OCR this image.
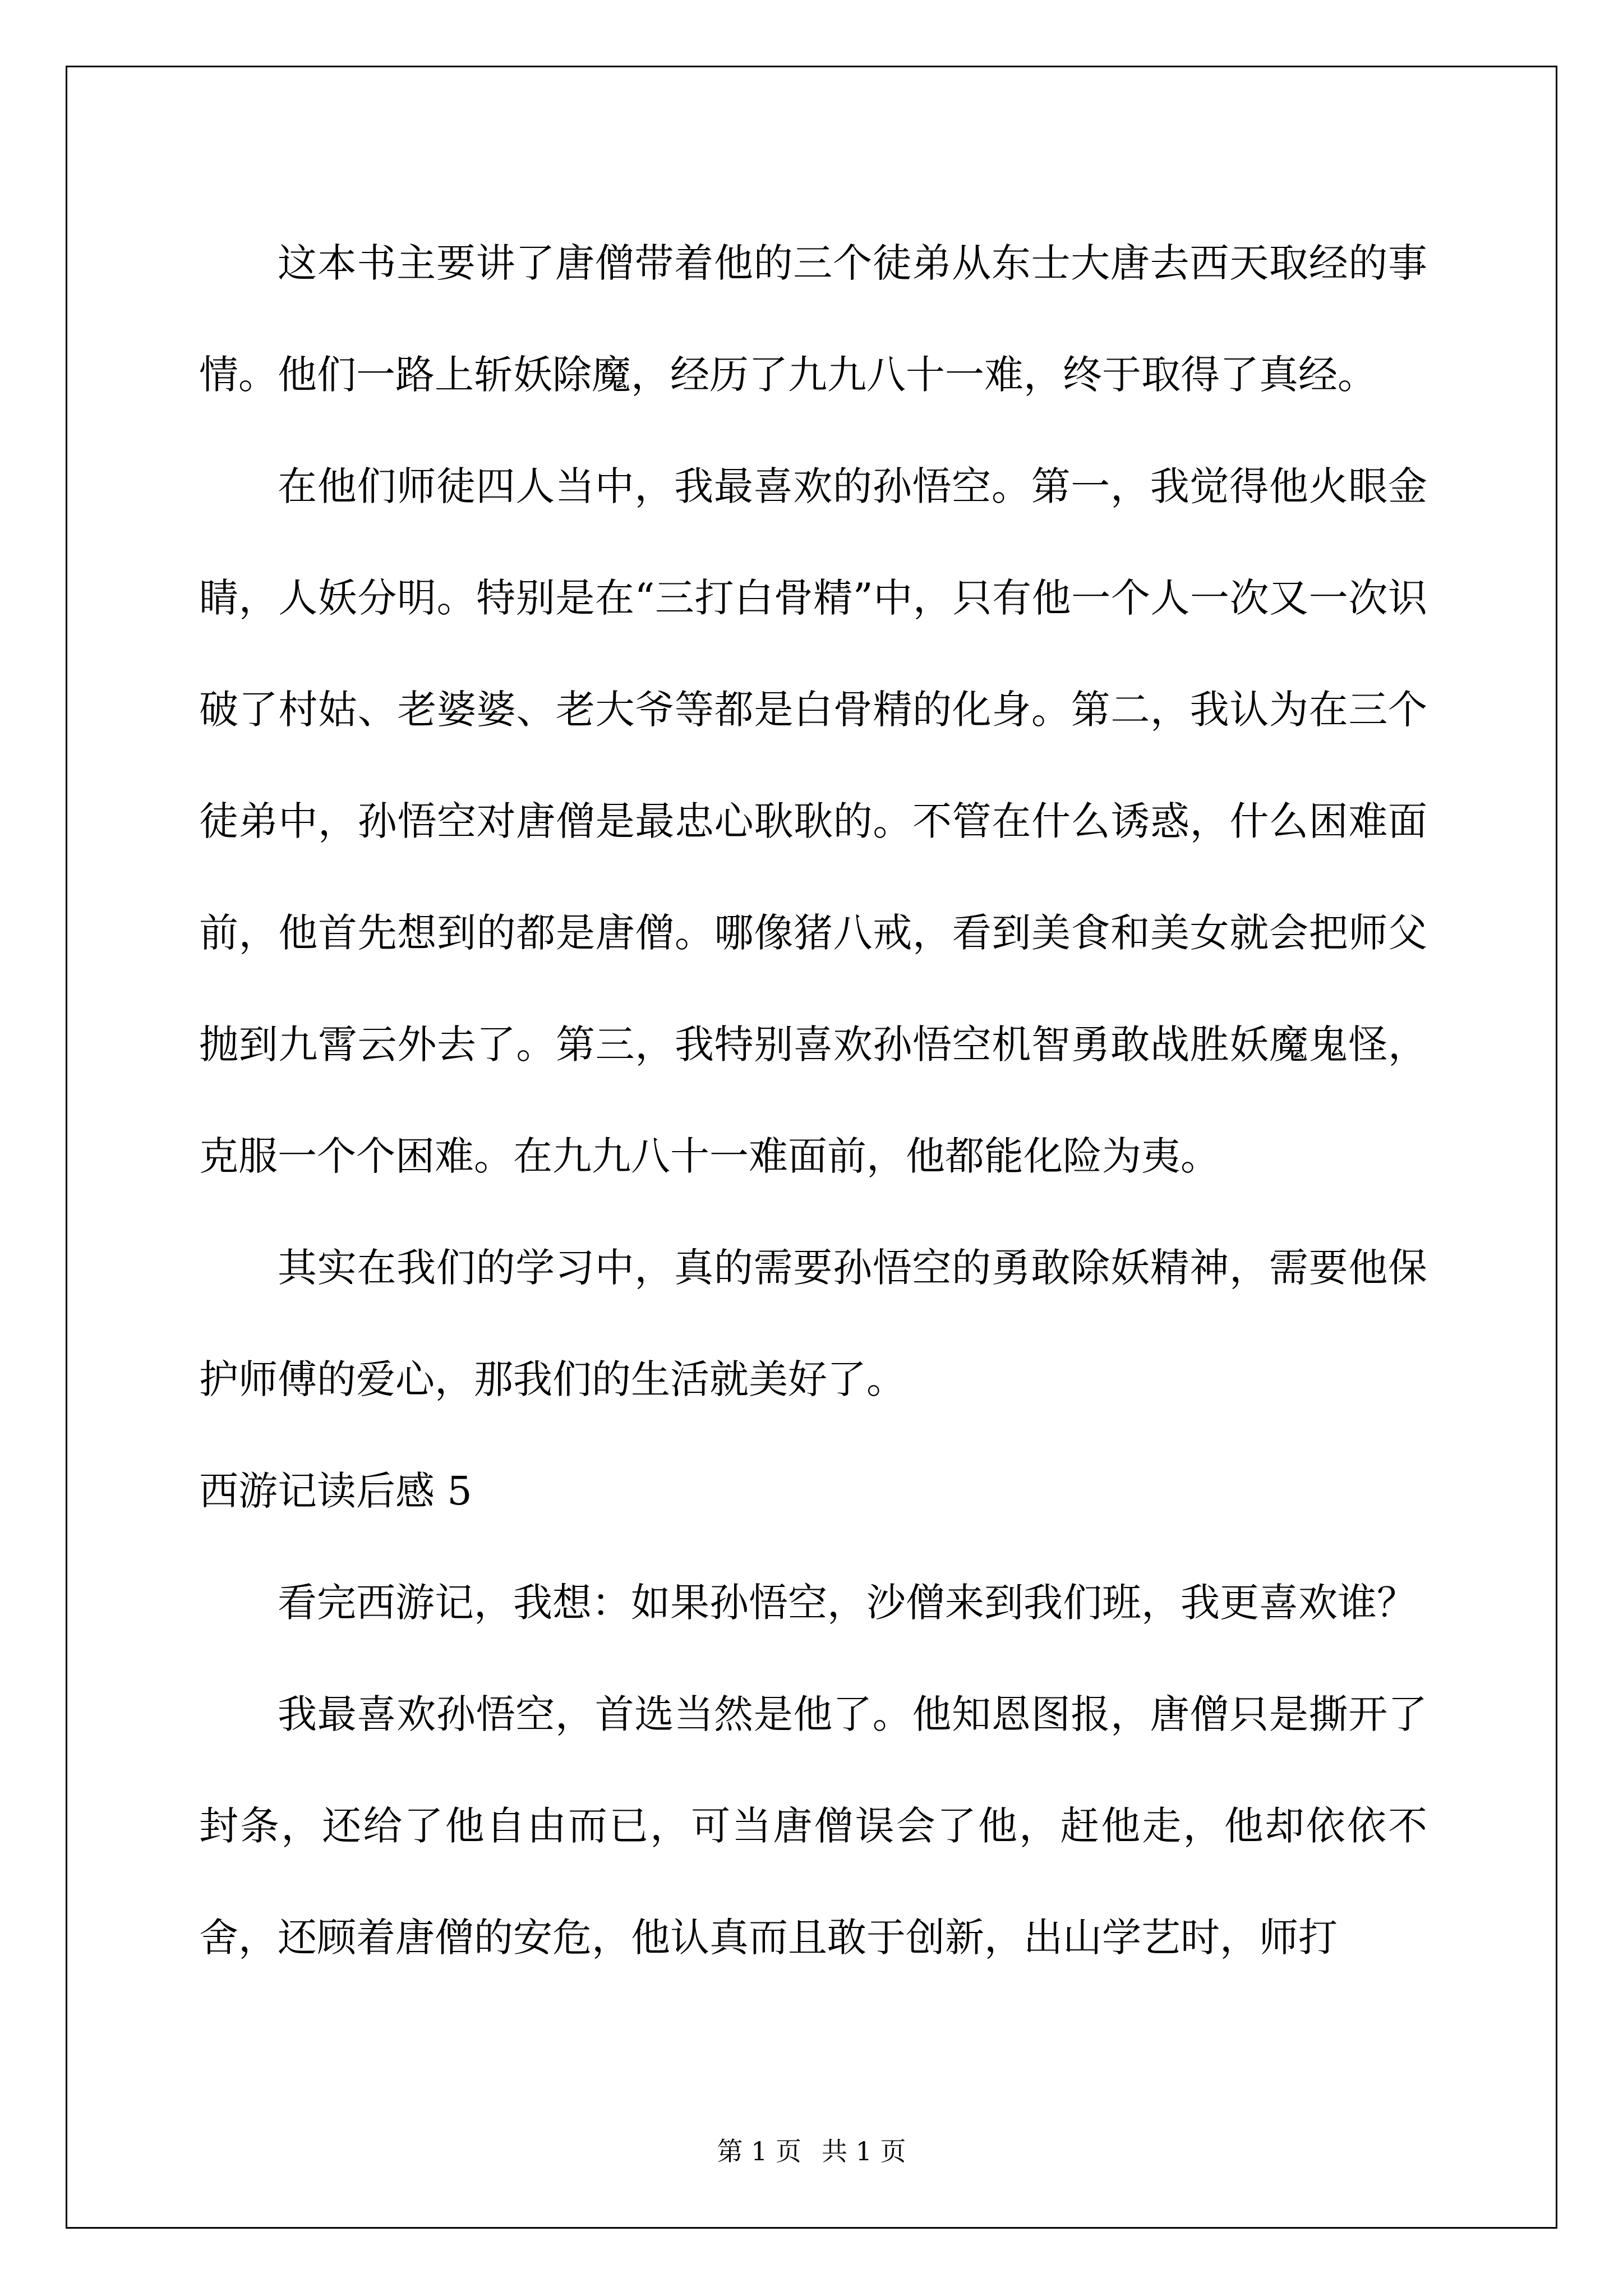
这本书主要讲了唐僧带着他的三个徒弟从东士大唐去西天取经的事情。他们一路上斩妖除魔，经历了九九八十一难，终于取得了真经。

在他们师徒四人当中，我最喜欢的孙悟空。第一，我觉得他火眼金睛，人妖分明。特别是在“三打白骨精”中，只有他一个人一次又一次识破了村姑、老婆婆、老大爷等都是白骨精的化身。第二，我认为在三个徒弟中，孙悟空对唐僧是最忠心耿耿的。不管在什么诱惑，什么困难面前，他首先想到的都是唐僧。哪像猪八戒，看到美食和美女就会把师父抛到九霄云外去了。第三，我特别喜欢孙悟空机智勇敢战胜妖魔鬼怪，克服一个个困难。在九九八十一难面前，他都能化险为夷。

其实在我们的学习中，真的需要孙悟空的勇敢除妖精神，需要他保护师傅的爱心，那我们的生活就美好了。

西游记读后感 5

看完西游记，我想：如果孙悟空，沙僧来到我们班，我更喜欢谁？

我最喜欢孙悟空，首选当然是他了。他知恩图报，唐僧只是撕开了封条，还给了他自由而已，可当唐僧误会了他，赶他走，他却依依不舍，还顾着唐僧的安危，他认真而且敢于创新，出山学艺时，师打

第 1 页 共 1 页
